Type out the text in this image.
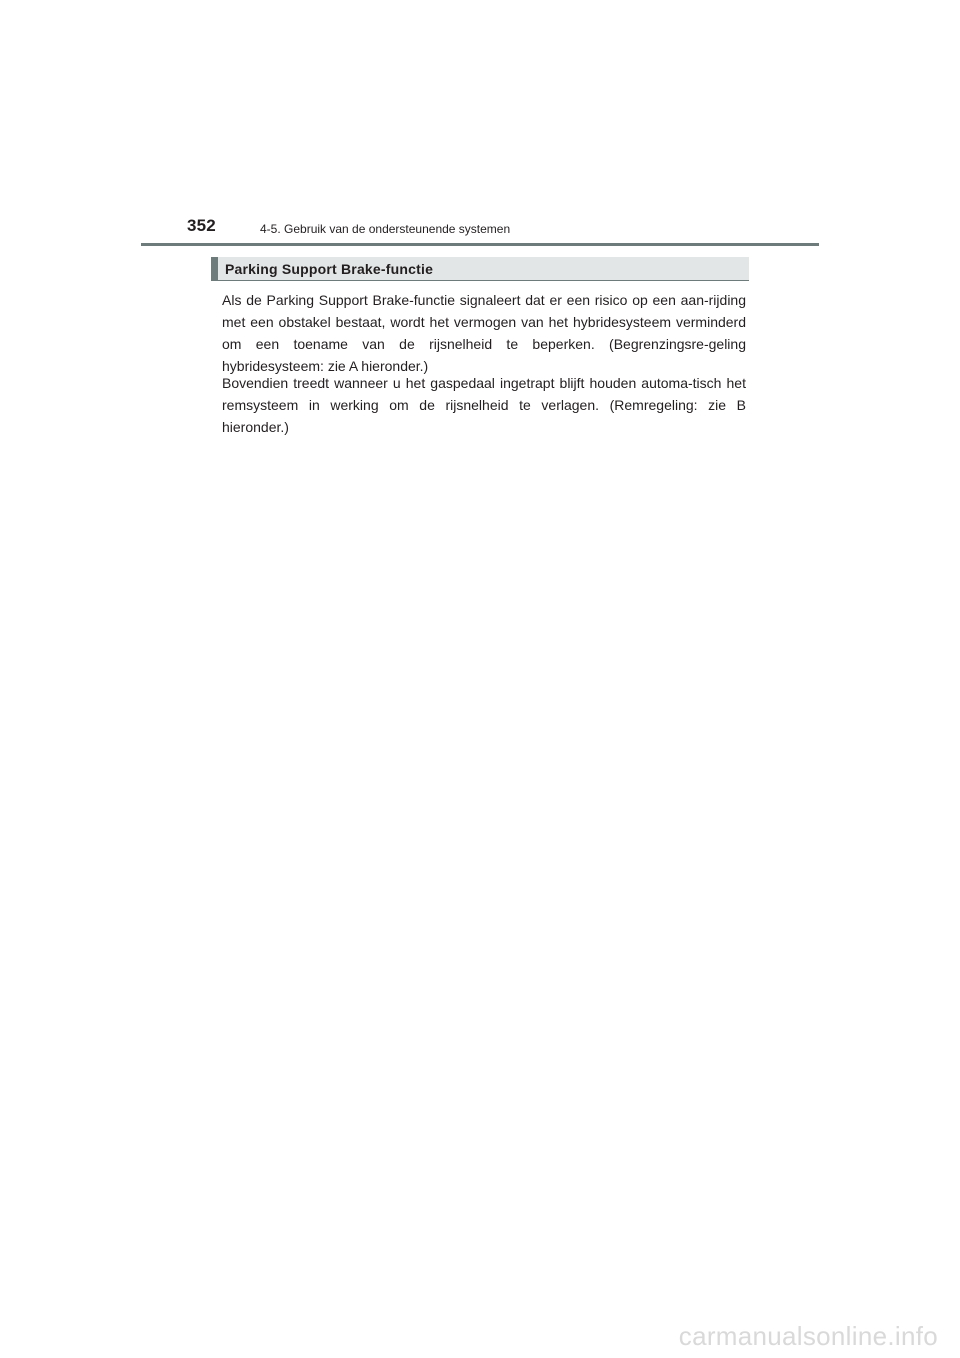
352	4-5. Gebruik van de ondersteunende systemen
Parking Support Brake-functie

Als de Parking Support Brake-functie signaleert dat er een risico op een aan-rijding met een obstakel bestaat, wordt het vermogen van het hybridesysteem verminderd om een toename van de rijsnelheid te beperken. (Begrenzingsre-geling hybridesysteem: zie A hieronder.)

Bovendien treedt wanneer u het gaspedaal ingetrapt blijft houden automa-tisch het remsysteem in werking om de rijsnelheid te verlagen. (Remregeling: zie B hieronder.)

carmanualsonline.info
